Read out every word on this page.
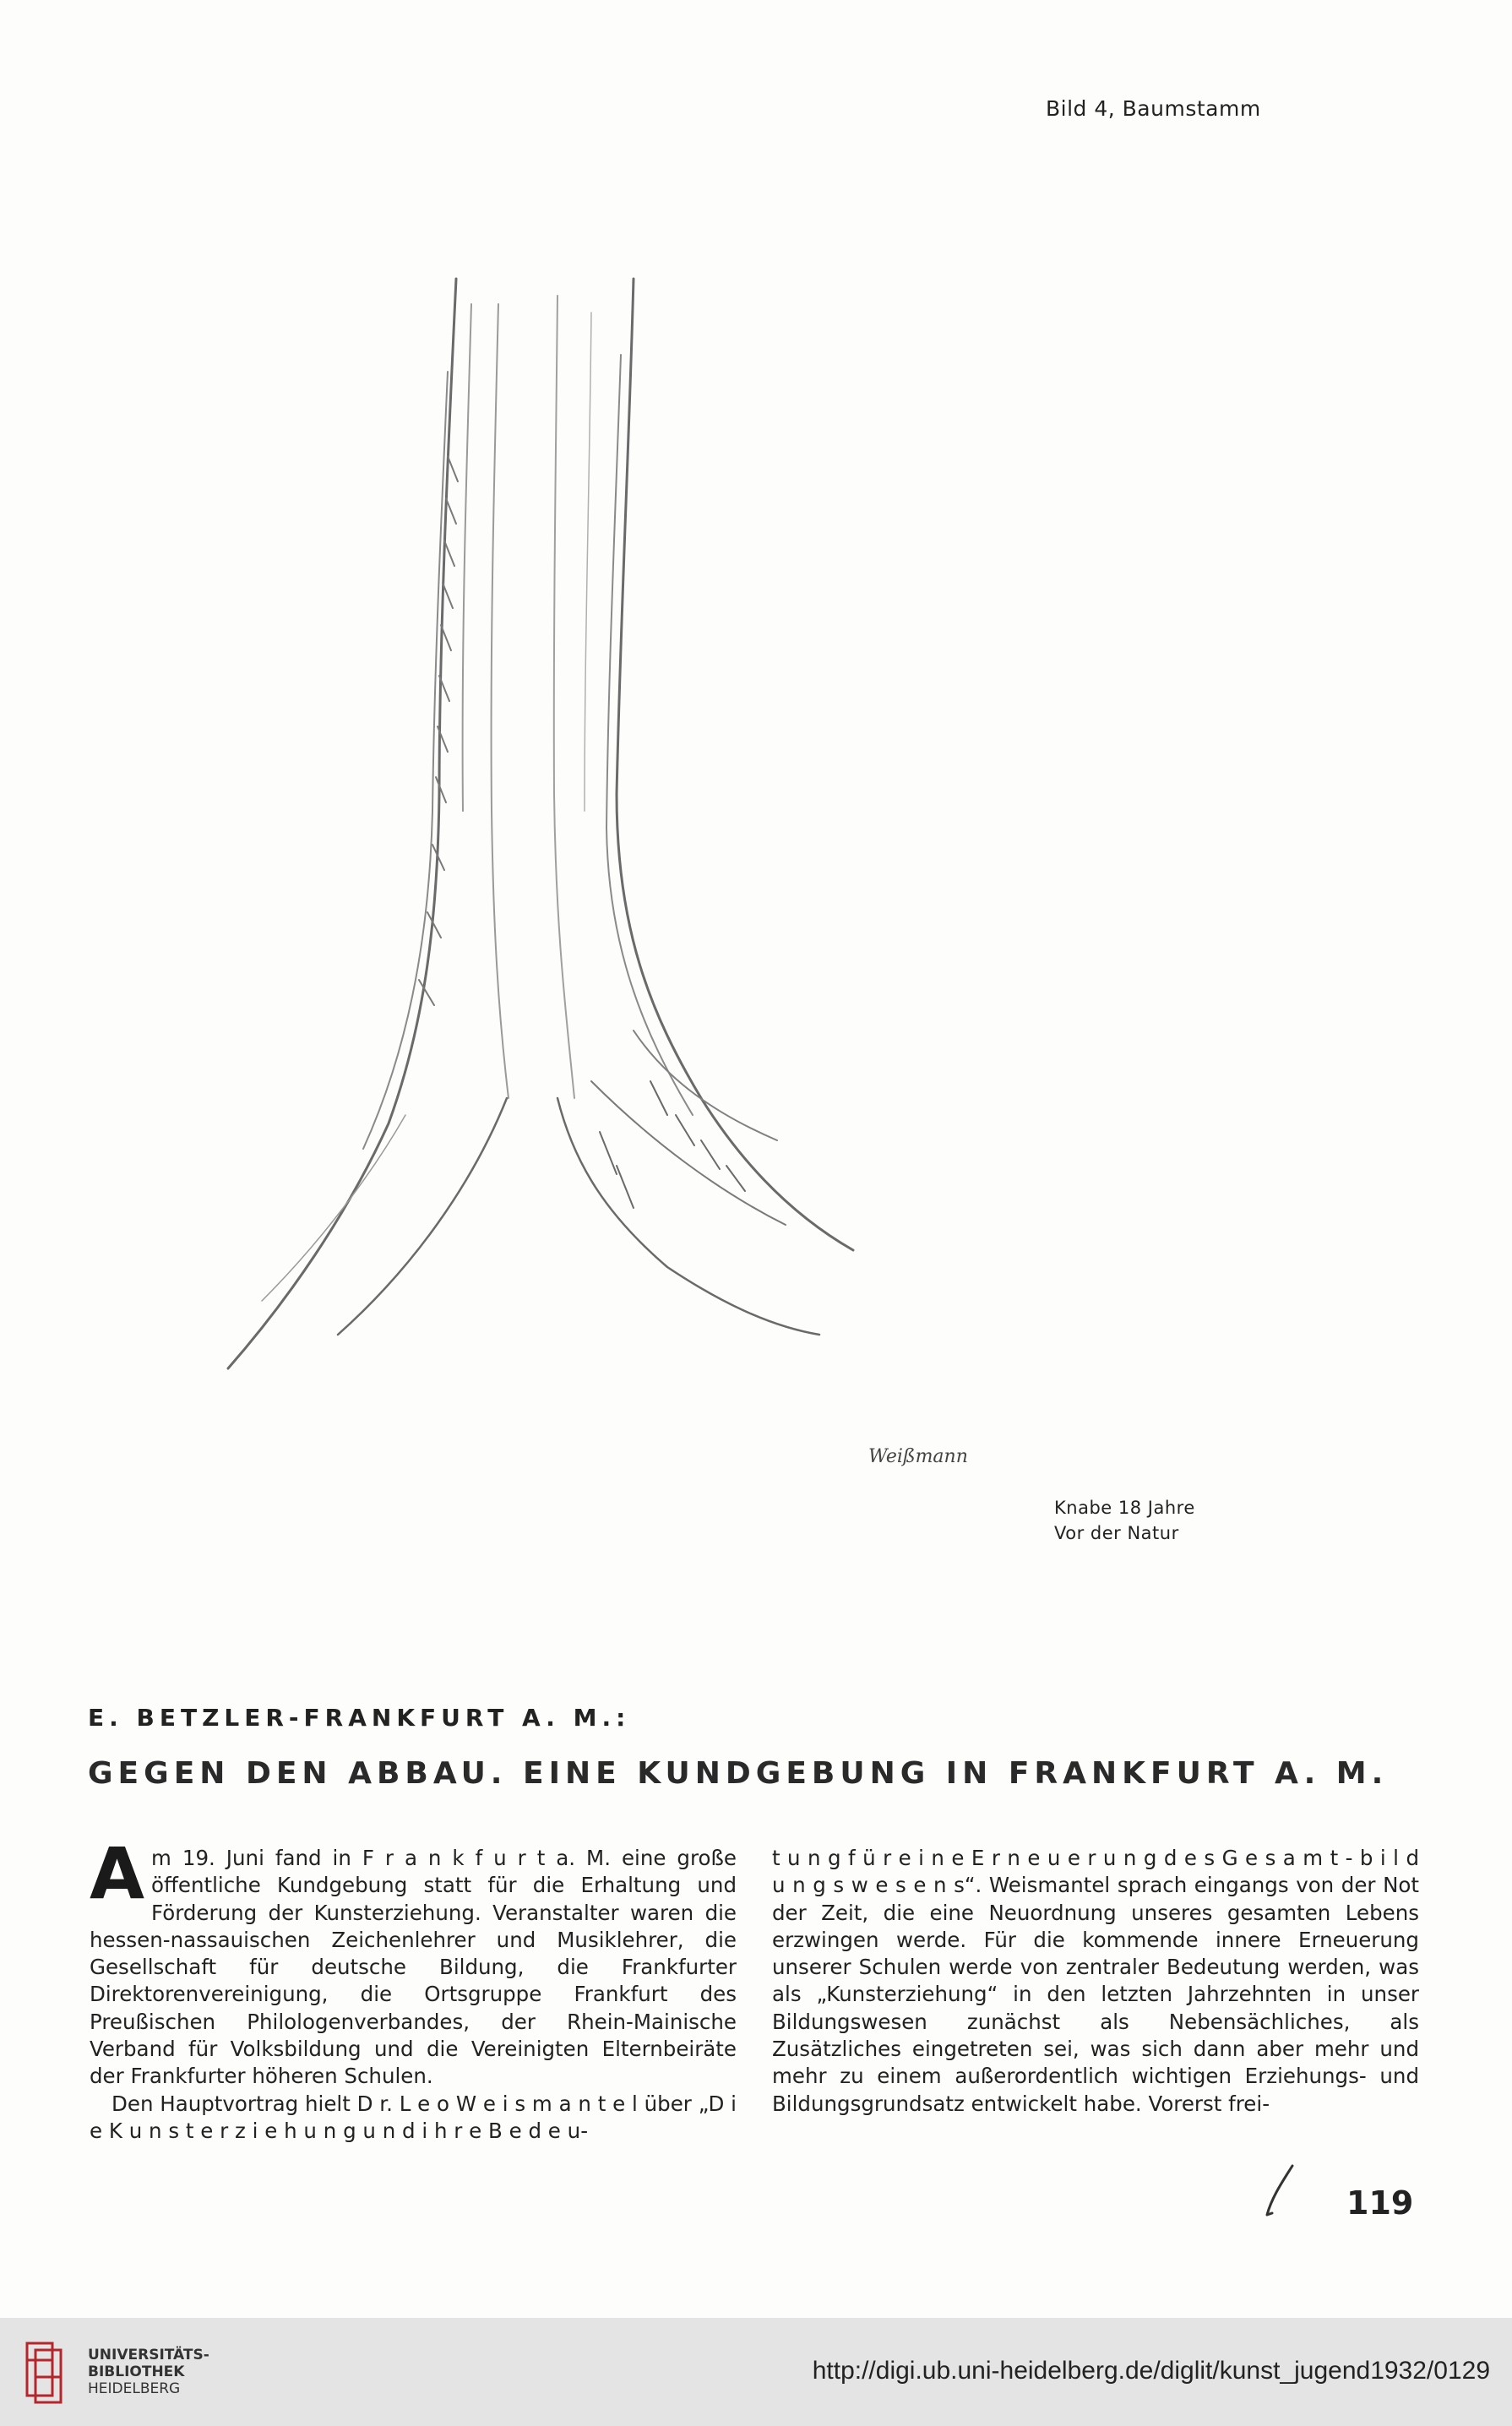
Bild 4, Baumstamm
Weißmann
Knabe 18 Jahre
Vor der Natur
E. BETZLER-FRANKFURT A. M.:
GEGEN DEN ABBAU. EINE KUNDGEBUNG IN FRANKFURT A. M.

Am 19. Juni fand in F r a n k f u r t a. M. eine große öffentliche Kundgebung statt für die Erhaltung und Förderung der Kunsterziehung. Veranstalter waren die hessen-nassauischen Zeichenlehrer und Musiklehrer, die Gesellschaft für deutsche Bildung, die Frankfurter Direktorenvereinigung, die Ortsgruppe Frankfurt des Preußischen Philologenverbandes, der Rhein-Mainische Verband für Volksbildung und die Vereinigten Elternbeiräte der Frankfurter höheren Schulen.

Den Hauptvortrag hielt D r. L e o W e i s m a n t e l über „D i e K u n s t e r z i e h u n g u n d i h r e B e d e u-

t u n g f ü r e i n e E r n e u e r u n g d e s G e s a m t - b i l d u n g s w e s e n s“. Weismantel sprach eingangs von der Not der Zeit, die eine Neuordnung unseres gesamten Lebens erzwingen werde. Für die kommende innere Erneuerung unserer Schulen werde von zentraler Bedeutung werden, was als „Kunsterziehung“ in den letzten Jahrzehnten in unser Bildungswesen zunächst als Nebensächliches, als Zusätzliches eingetreten sei, was sich dann aber mehr und mehr zu einem außerordentlich wichtigen Erziehungs- und Bildungsgrundsatz entwickelt habe. Vorerst frei-

119
UNIVERSITÄTS-
BIBLIOTHEK
HEIDELBERG
http://digi.ub.uni-heidelberg.de/diglit/kunst_jugend1932/0129
